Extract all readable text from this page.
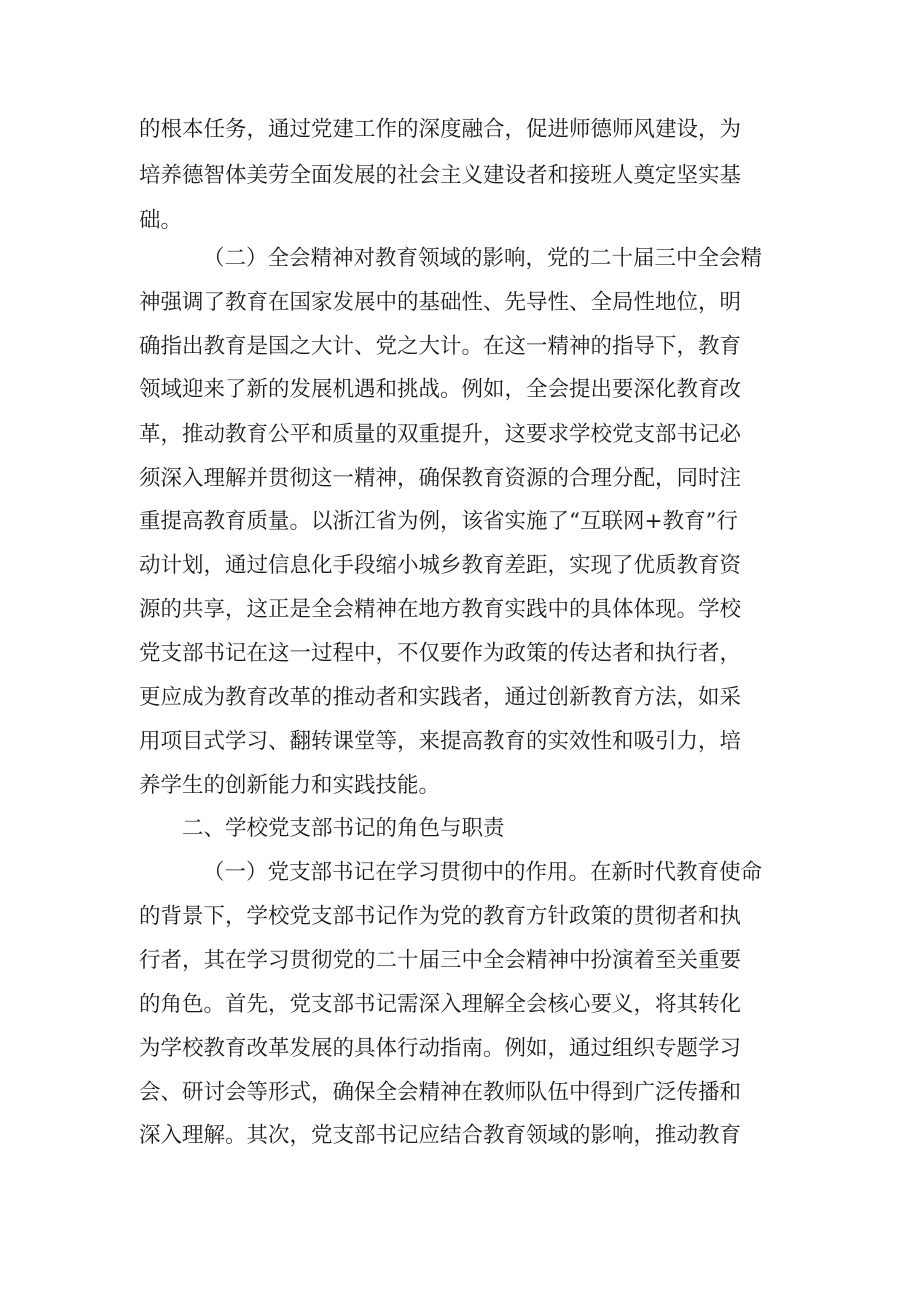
的根本任务，通过党建工作的深度融合，促进师德师风建设，为
培养德智体美劳全面发展的社会主义建设者和接班人奠定坚实基
础。
（二）全会精神对教育领域的影响，党的二十届三中全会精
神强调了教育在国家发展中的基础性、先导性、全局性地位，明
确指出教育是国之大计、党之大计。在这一精神的指导下，教育
领域迎来了新的发展机遇和挑战。例如，全会提出要深化教育改
革，推动教育公平和质量的双重提升，这要求学校党支部书记必
须深入理解并贯彻这一精神，确保教育资源的合理分配，同时注
重提高教育质量。以浙江省为例，该省实施了“互联网+教育”行
动计划，通过信息化手段缩小城乡教育差距，实现了优质教育资
源的共享，这正是全会精神在地方教育实践中的具体体现。学校
党支部书记在这一过程中，不仅要作为政策的传达者和执行者，
更应成为教育改革的推动者和实践者，通过创新教育方法，如采
用项目式学习、翻转课堂等，来提高教育的实效性和吸引力，培
养学生的创新能力和实践技能。
二、学校党支部书记的角色与职责
（一）党支部书记在学习贯彻中的作用。在新时代教育使命
的背景下，学校党支部书记作为党的教育方针政策的贯彻者和执
行者，其在学习贯彻党的二十届三中全会精神中扮演着至关重要
的角色。首先，党支部书记需深入理解全会核心要义，将其转化
为学校教育改革发展的具体行动指南。例如，通过组织专题学习
会、研讨会等形式，确保全会精神在教师队伍中得到广泛传播和
深入理解。其次，党支部书记应结合教育领域的影响，推动教育
